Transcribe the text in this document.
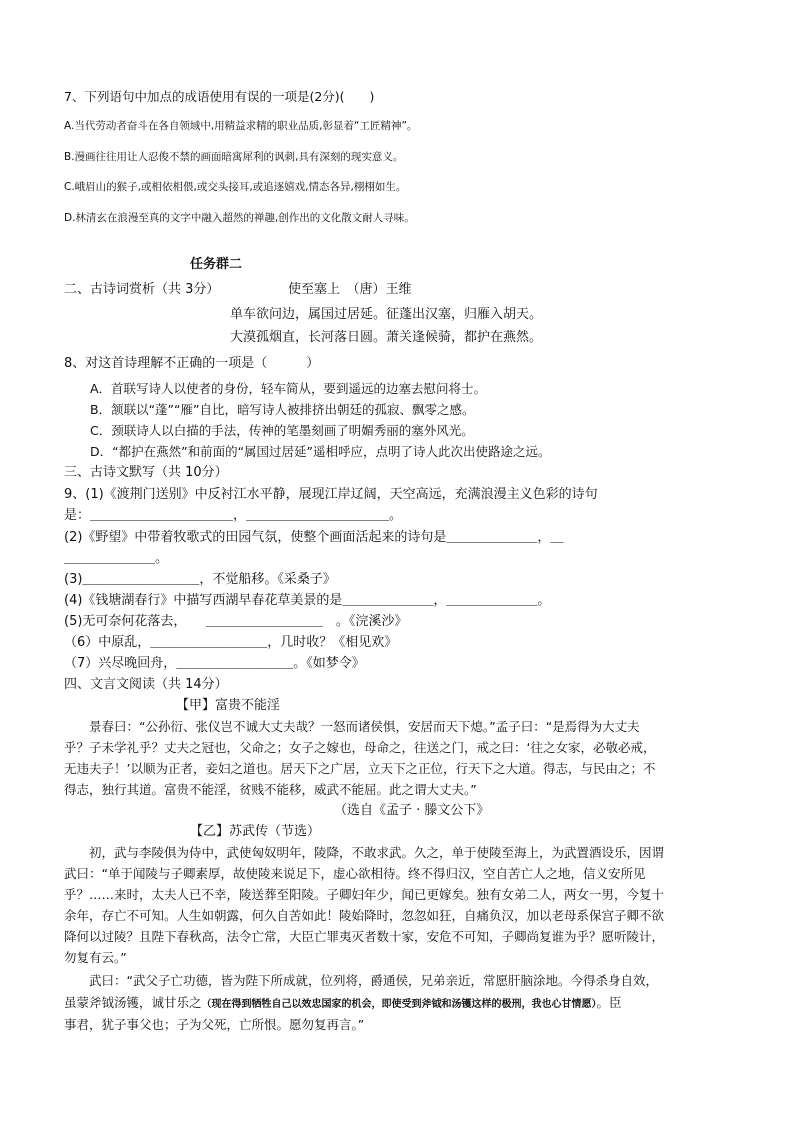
7、下列语句中加点的成语使用有误的一项是(2分)(　　)
A.当代劳动者奋斗在各自领域中,用精益求精的职业品质,彰显着“工匠精神”。
B.漫画往往用让人忍俊不禁的画面暗寓犀利的讽刺,具有深刻的现实意义。
C.峨眉山的猴子,或相依相偎,或交头接耳,或追逐嬉戏,情态各异,栩栩如生。
D.林清玄在浪漫至真的文字中融入超然的禅趣,创作出的文化散文耐人寻味。
任务群二
二、古诗词赏析（共 3分）	使至塞上　（唐）王维
单车欲问边，属国过居延。征蓬出汉塞，归雁入胡天。
大漠孤烟直，长河落日圆。萧关逢候骑，都护在燕然。
8、对这首诗理解不正确的一项是（　　　）
A．首联写诗人以使者的身份，轻车简从，要到遥远的边塞去慰问将士。
B．颔联以“蓬”“雁”自比，暗写诗人被排挤出朝廷的孤寂、飘零之感。
C．颈联诗人以白描的手法，传神的笔墨刻画了明媚秀丽的塞外风光。
D．“都护在燕然”和前面的“属国过居延”遥相呼应，点明了诗人此次出使路途之远。
三、古诗文默写（共 10分）
9、(1)《渡荆门送别》中反衬江水平静，展现江岸辽阔，天空高远，充满浪漫主义色彩的诗句
是：＿＿＿＿＿＿＿＿＿＿＿，＿＿＿＿＿＿＿＿＿＿＿。
(2)《野望》中带着牧歌式的田园气氛，使整个画面活起来的诗句是＿＿＿＿＿＿＿，＿
＿＿＿＿＿＿＿。
(3)＿＿＿＿＿＿＿＿＿，不觉船移。《采桑子》
(4)《钱塘湖春行》中描写西湖早春花草美景的是＿＿＿＿＿＿＿，＿＿＿＿＿＿＿。
(5)无可奈何花落去，　　＿＿＿＿＿＿＿＿＿　。《浣溪沙》
（6）中原乱，＿＿＿＿＿＿＿＿＿，几时收？《相见欢》
（7）兴尽晚回舟，＿＿＿＿＿＿＿＿＿。《如梦令》
四、文言文阅读（共 14分）
【甲】富贵不能淫
　　景春曰：“公孙衍、张仪岂不诚大丈夫哉？一怒而诸侯惧，安居而天下熄。”孟子曰：“是焉得为大丈夫
乎？子未学礼乎？丈夫之冠也，父命之；女子之嫁也，母命之，往送之门，戒之曰：‘往之女家，必敬必戒，
无违夫子！’以顺为正者，妾妇之道也。居天下之广居，立天下之正位，行天下之大道。得志，与民由之；不
得志，独行其道。富贵不能淫，贫贱不能移，威武不能屈。此之谓大丈夫。”
（选自《孟子 · 滕文公下》
【乙】苏武传（节选）
　　初，武与李陵俱为侍中，武使匈奴明年，陵降，不敢求武。久之，单于使陵至海上，为武置酒设乐，因谓
武曰：“单于闻陵与子卿素厚，故使陵来说足下，虚心欲相待。终不得归汉，空自苦亡人之地，信义安所见
乎？……来时，太夫人已不幸，陵送葬至阳陵。子卿妇年少，闻已更嫁矣。独有女弟二人，两女一男，今复十
余年，存亡不可知。人生如朝露，何久自苦如此！陵始降时，忽忽如狂，自痛负汉，加以老母系保宫子卿不欲
降何以过陵？且陛下春秋高，法令亡常，大臣亡罪夷灭者数十家，安危不可知，子卿尚复谁为乎？愿听陵计，
勿复有云。”
　　武曰：“武父子亡功德，皆为陛下所成就，位列将，爵通侯，兄弟亲近，常愿肝脑涂地。今得杀身自效，
虽蒙斧钺汤镬，诚甘乐之（现在得到牺牲自己以效忠国家的机会，即使受到斧钺和汤镬这样的极刑，我也心甘情愿）。臣
事君，犹子事父也；子为父死，亡所恨。愿勿复再言。”
